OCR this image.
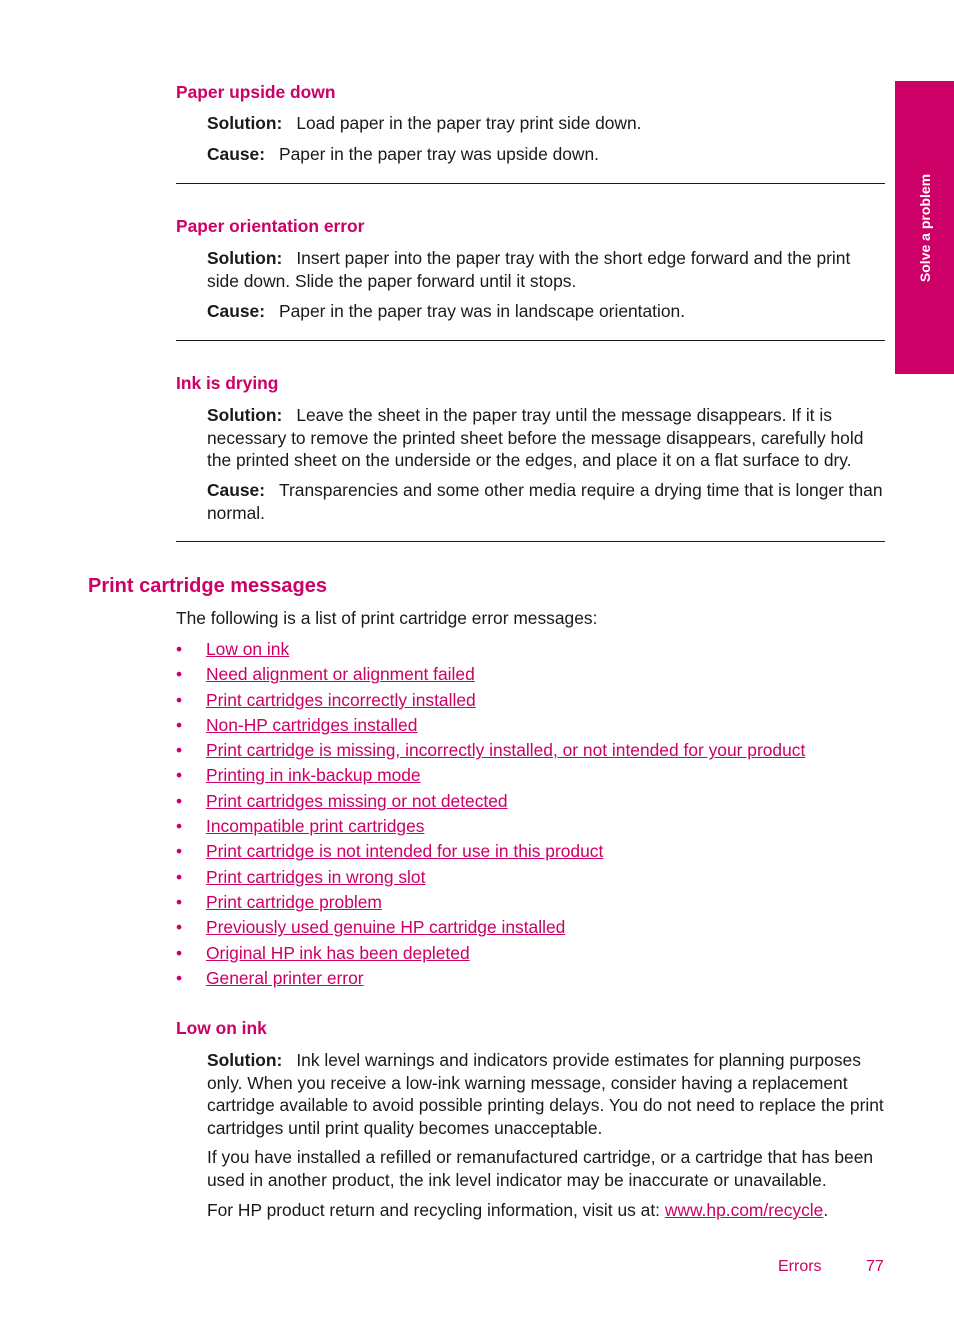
Solve a problem
Paper upside down
Solution: Load paper in the paper tray print side down.
Cause: Paper in the paper tray was upside down.
Paper orientation error
Solution: Insert paper into the paper tray with the short edge forward and the print side down. Slide the paper forward until it stops.
Cause: Paper in the paper tray was in landscape orientation.
Ink is drying
Solution: Leave the sheet in the paper tray until the message disappears. If it is necessary to remove the printed sheet before the message disappears, carefully hold the printed sheet on the underside or the edges, and place it on a flat surface to dry.
Cause: Transparencies and some other media require a drying time that is longer than normal.
Print cartridge messages
The following is a list of print cartridge error messages:
• Low on ink
• Need alignment or alignment failed
• Print cartridges incorrectly installed
• Non-HP cartridges installed
• Print cartridge is missing, incorrectly installed, or not intended for your product
• Printing in ink-backup mode
• Print cartridges missing or not detected
• Incompatible print cartridges
• Print cartridge is not intended for use in this product
• Print cartridges in wrong slot
• Print cartridge problem
• Previously used genuine HP cartridge installed
• Original HP ink has been depleted
• General printer error
Low on ink
Solution: Ink level warnings and indicators provide estimates for planning purposes only. When you receive a low-ink warning message, consider having a replacement cartridge available to avoid possible printing delays. You do not need to replace the print cartridges until print quality becomes unacceptable.
If you have installed a refilled or remanufactured cartridge, or a cartridge that has been used in another product, the ink level indicator may be inaccurate or unavailable.
For HP product return and recycling information, visit us at: www.hp.com/recycle.
Errors	77
